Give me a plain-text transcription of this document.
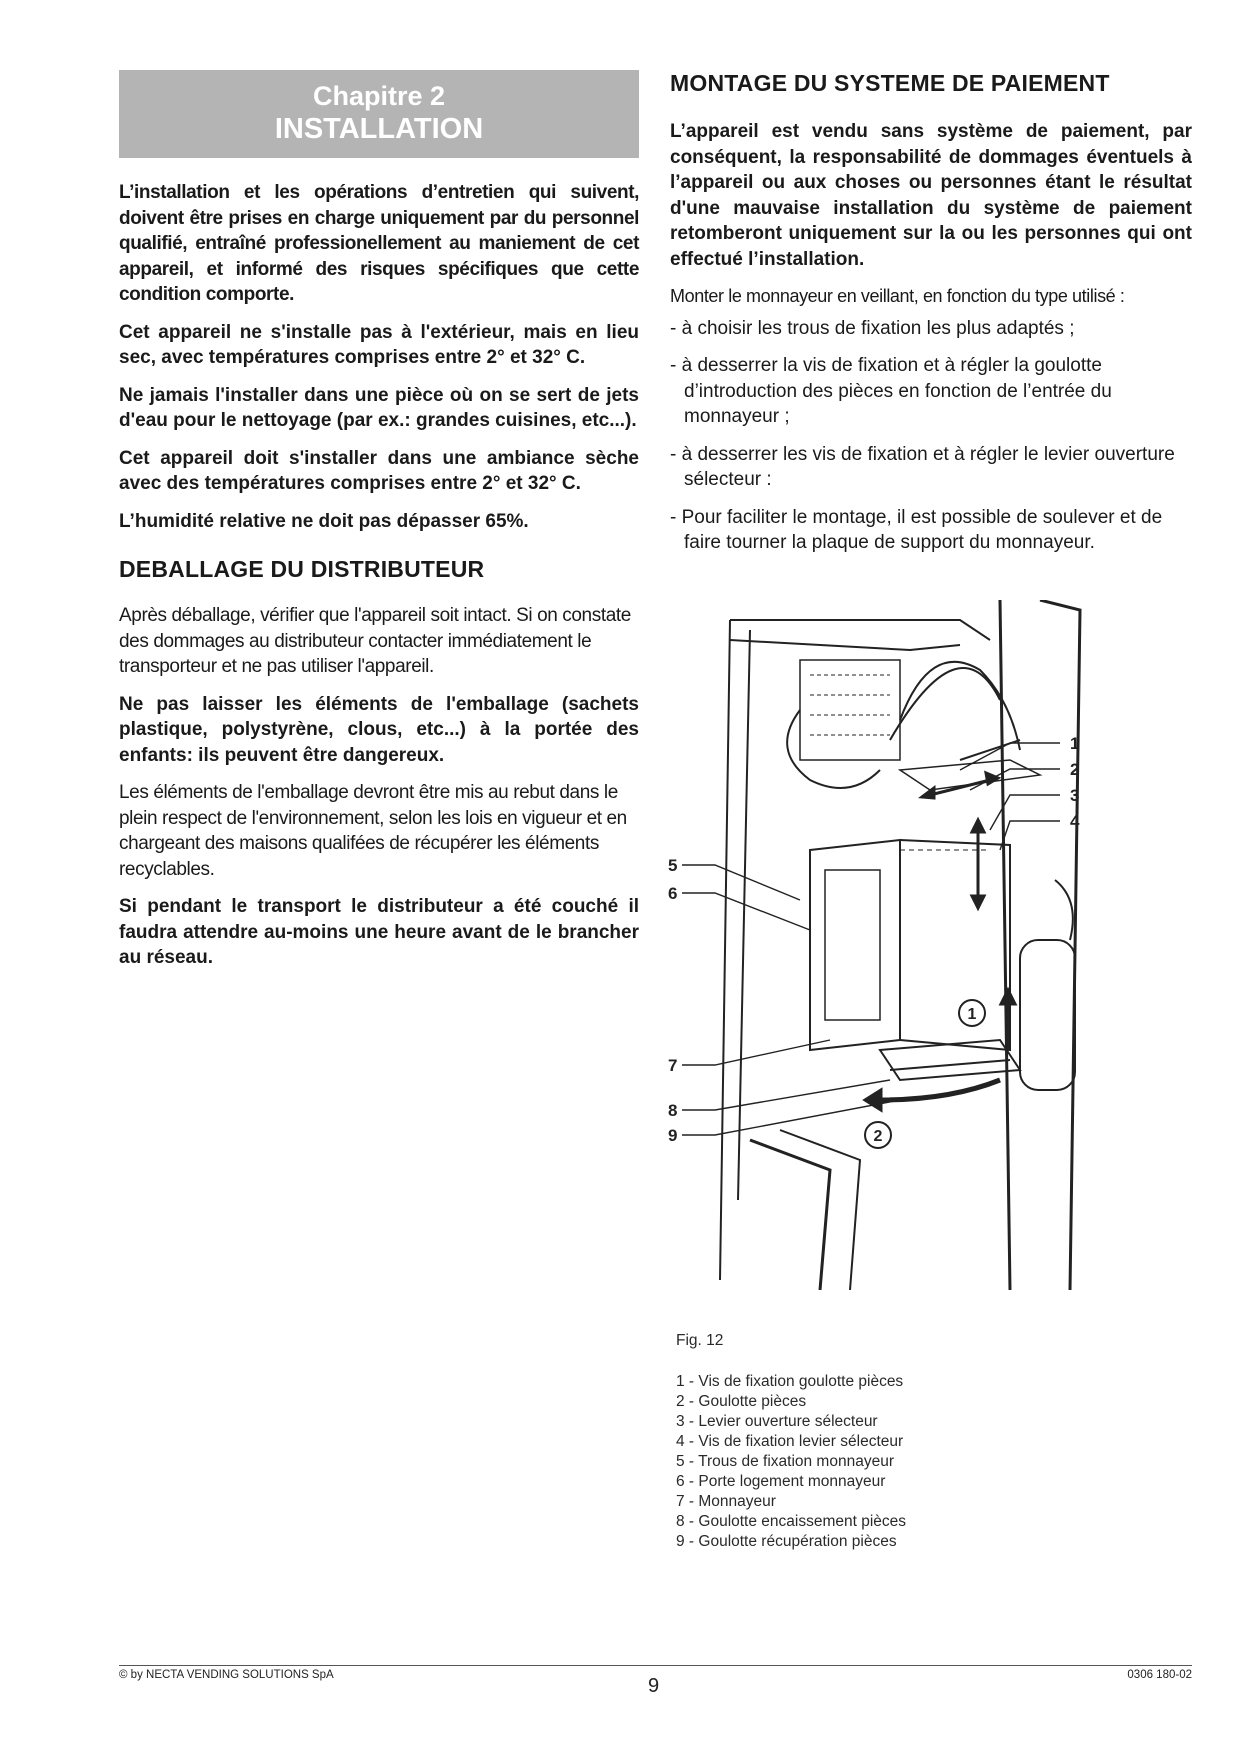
Chapitre 2
INSTALLATION

L’installation et les opérations d’entretien qui suivent, doivent être prises en charge uniquement par du personnel qualifié, entraîné professionellement au maniement de cet appareil, et informé des risques spécifiques que cette condition comporte.

Cet appareil ne s'installe pas à l'extérieur, mais en lieu sec, avec températures comprises entre 2° et 32° C.

Ne jamais l'installer dans une pièce où on se sert de jets d'eau pour le nettoyage (par ex.: grandes cuisines, etc...).

Cet appareil doit s'installer dans une ambiance sèche avec des températures comprises entre 2° et 32° C.

L’humidité relative ne doit pas dépasser 65%.

DEBALLAGE DU DISTRIBUTEUR

Après déballage, vérifier que l'appareil soit intact. Si on constate des dommages au distributeur contacter immédiatement le transporteur et ne pas utiliser l'appareil.

Ne pas laisser les éléments de l'emballage (sachets plastique, polystyrène, clous, etc...) à la portée des enfants: ils peuvent être dangereux.

Les éléments de l'emballage devront être mis au rebut dans le plein respect de l'environnement, selon les lois en vigueur et en chargeant des maisons qualifées de récupérer les éléments recyclables.

Si pendant le transport le distributeur a été couché il faudra attendre au-moins une heure avant de le brancher au réseau.

MONTAGE DU SYSTEME DE PAIEMENT

L’appareil est vendu sans système de paiement, par conséquent, la responsabilité de dommages éventuels à l’appareil ou aux choses ou personnes étant le résultat d'une mauvaise installation du système de paiement retomberont uniquement sur la ou les personnes qui ont effectué l’installation.

Monter le monnayeur en veillant, en fonction du type utilisé :

- à choisir les trous de fixation les plus adaptés ;
- à desserrer la vis de fixation et à régler la goulotte d’introduction des pièces en fonction de l’entrée du monnayeur ;
- à desserrer les vis de fixation et à régler le levier ouverture sélecteur :
- Pour faciliter le montage, il est possible de soulever et de faire tourner la plaque de support du monnayeur.
1
2
1
2
3
4
5
6
7
8
9
Fig. 12
1 - Vis de fixation goulotte pièces
2 - Goulotte pièces
3 - Levier ouverture sélecteur
4 - Vis de fixation levier sélecteur
5 - Trous de fixation monnayeur
6 - Porte logement monnayeur
7 - Monnayeur
8 - Goulotte encaissement pièces
9 - Goulotte récupération pièces
© by NECTA VENDING SOLUTIONS SpA	9	0306 180-02
